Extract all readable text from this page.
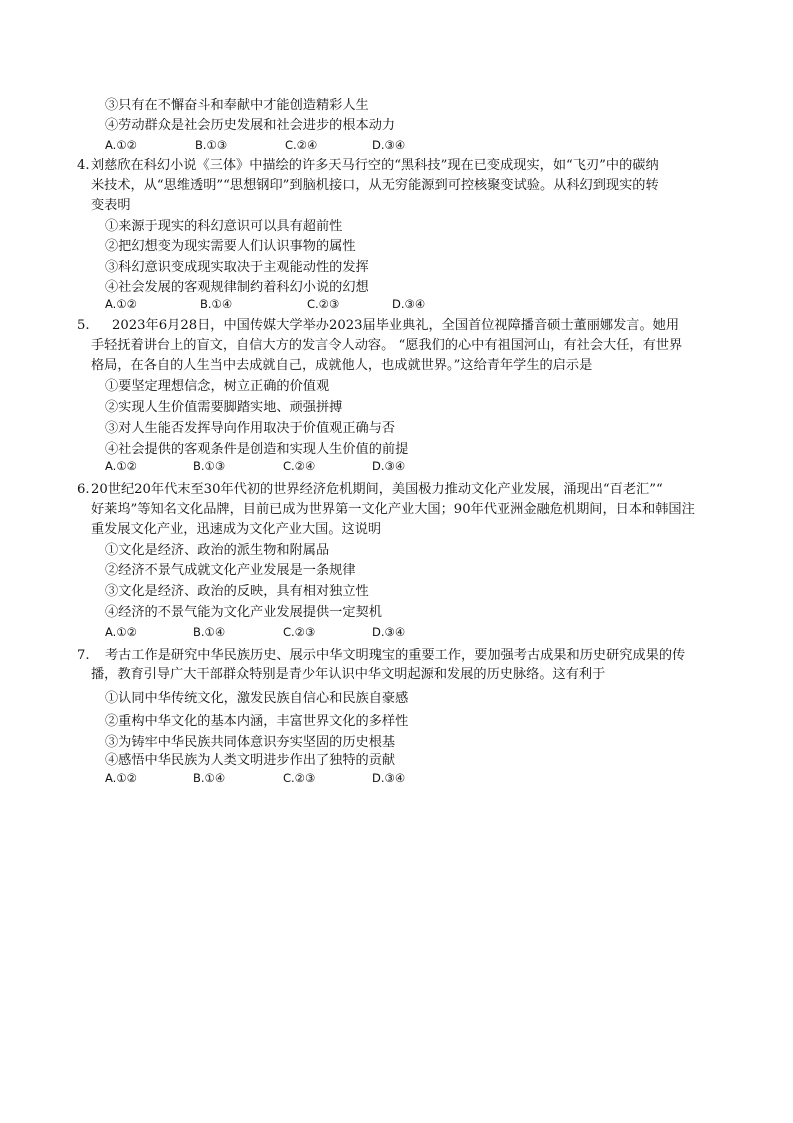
③只有在不懈奋斗和奉献中才能创造精彩人生
④劳动群众是社会历史发展和社会进步的根本动力
A.①②	B.①③	C.②④	D.③④
4. 刘慈欣在科幻小说《三体》中描绘的许多天马行空的“黑科技”现在已变成现实，如“飞刃”中的碳纳
米技术，从“思维透明”“思想钢印”到脑机接口，从无穷能源到可控核聚变试验。从科幻到现实的转
变表明
①来源于现实的科幻意识可以具有超前性
②把幻想变为现实需要人们认识事物的属性
③科幻意识变成现实取决于主观能动性的发挥
④社会发展的客观规律制约着科幻小说的幻想
A.①②	B.①④	C.②③	D.③④
5. 2023年6月28日，中国传媒大学举办2023届毕业典礼，全国首位视障播音硕士董丽娜发言。她用
手轻抚着讲台上的盲文，自信大方的发言令人动容。 “愿我们的心中有祖国河山，有社会大任，有世界
格局，在各自的人生当中去成就自己，成就他人，也成就世界。”这给青年学生的启示是
①要坚定理想信念，树立正确的价值观
②实现人生价值需要脚踏实地、顽强拼搏
③对人生能否发挥导向作用取决于价值观正确与否
④社会提供的客观条件是创造和实现人生价值的前提
A.①②	B.①③	C.②④	D.③④
6. 20世纪20年代末至30年代初的世界经济危机期间，美国极力推动文化产业发展，涌现出“百老汇”“
好莱坞”等知名文化品牌，目前已成为世界第一文化产业大国；90年代亚洲金融危机期间，日本和韩国注
重发展文化产业，迅速成为文化产业大国。这说明
①文化是经济、政治的派生物和附属品
②经济不景气成就文化产业发展是一条规律
③文化是经济、政治的反映，具有相对独立性
④经济的不景气能为文化产业发展提供一定契机
A.①②	B.①④	C.②③	D.③④
7. 考古工作是研究中华民族历史、展示中华文明瑰宝的重要工作，要加强考古成果和历史研究成果的传
播，教育引导广大干部群众特别是青少年认识中华文明起源和发展的历史脉络。这有利于
①认同中华传统文化，激发民族自信心和民族自豪感
②重构中华文化的基本内涵，丰富世界文化的多样性
③为铸牢中华民族共同体意识夯实坚固的历史根基
④感悟中华民族为人类文明进步作出了独特的贡献
A.①②	B.①④	C.②③	D.③④
